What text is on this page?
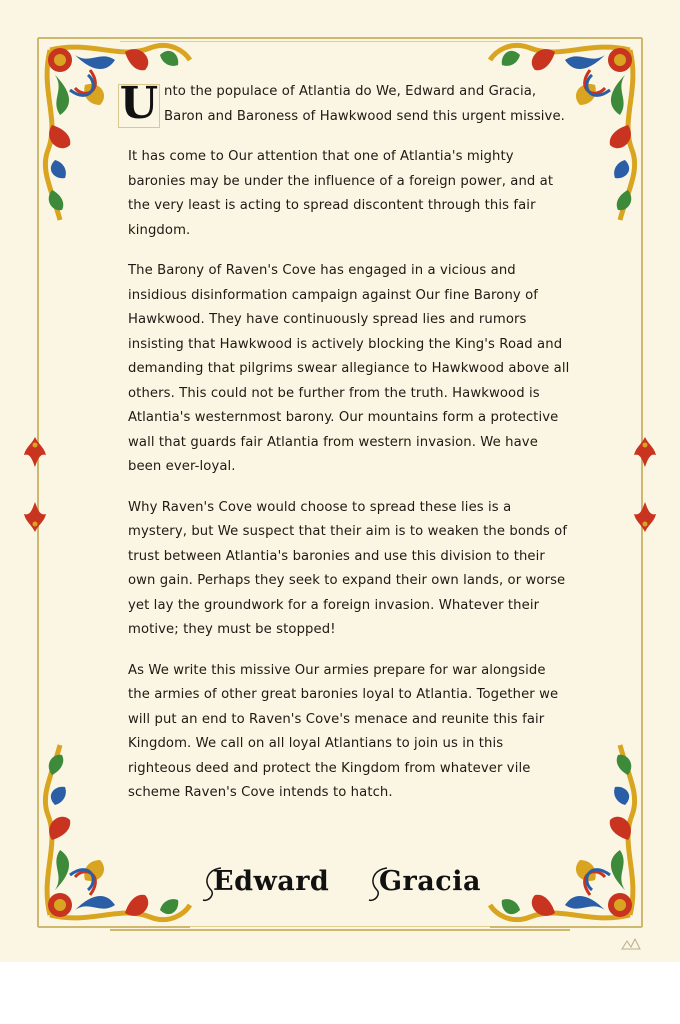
U nto the populace of Atlantia do We, Edward and Gracia, Baron and Baroness of Hawkwood send this urgent missive.

It has come to Our attention that one of Atlantia's mighty baronies may be under the influence of a foreign power, and at the very least is acting to spread discontent through this fair kingdom.

The Barony of Raven's Cove has engaged in a vicious and insidious disinformation campaign against Our fine Barony of Hawkwood. They have continuously spread lies and rumors insisting that Hawkwood is actively blocking the King's Road and demanding that pilgrims swear allegiance to Hawkwood above all others. This could not be further from the truth. Hawkwood is Atlantia's westernmost barony. Our mountains form a protective wall that guards fair Atlantia from western invasion. We have been ever-loyal.

Why Raven's Cove would choose to spread these lies is a mystery, but We suspect that their aim is to weaken the bonds of trust between Atlantia's baronies and use this division to their own gain. Perhaps they seek to expand their own lands, or worse yet lay the groundwork for a foreign invasion. Whatever their motive; they must be stopped!

As We write this missive Our armies prepare for war alongside the armies of other great baronies loyal to Atlantia. Together we will put an end to Raven's Cove's menace and reunite this fair Kingdom. We call on all loyal Atlantians to join us in this righteous deed and protect the Kingdom from whatever vile scheme Raven's Cove intends to hatch.

Edward Gracia
